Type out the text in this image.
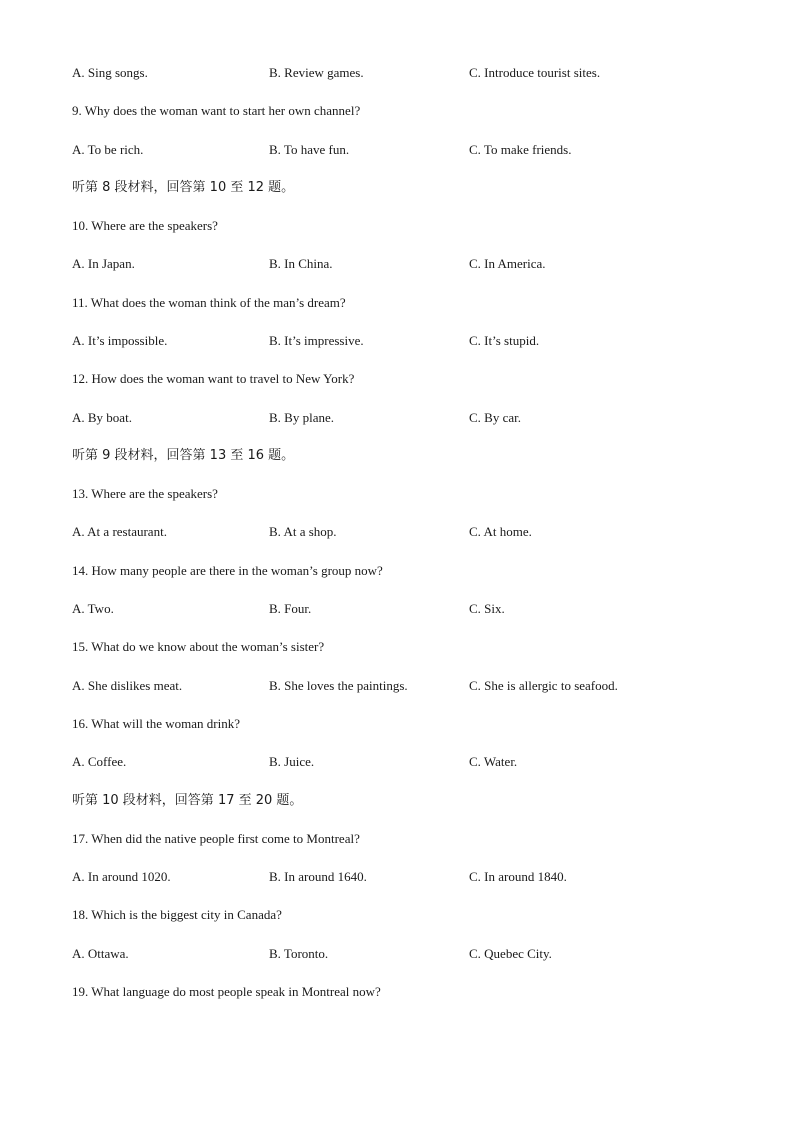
A. Sing songs.	B. Review games.	C. Introduce tourist sites.
9. Why does the woman want to start her own channel?
A. To be rich.	B. To have fun.	C. To make friends.
听第 8 段材料，回答第 10 至 12 题。
10. Where are the speakers?
A. In Japan.	B. In China.	C. In America.
11. What does the woman think of the man’s dream?
A. It’s impossible.	B. It’s impressive.	C. It’s stupid.
12. How does the woman want to travel to New York?
A. By boat.	B. By plane.	C. By car.
听第 9 段材料，回答第 13 至 16 题。
13. Where are the speakers?
A. At a restaurant.	B. At a shop.	C. At home.
14. How many people are there in the woman’s group now?
A. Two.	B. Four.	C. Six.
15. What do we know about the woman’s sister?
A. She dislikes meat.	B. She loves the paintings.	C. She is allergic to seafood.
16. What will the woman drink?
A. Coffee.	B. Juice.	C. Water.
听第 10 段材料，回答第 17 至 20 题。
17. When did the native people first come to Montreal?
A. In around 1020.	B. In around 1640.	C. In around 1840.
18. Which is the biggest city in Canada?
A. Ottawa.	B. Toronto.	C. Quebec City.
19. What language do most people speak in Montreal now?
